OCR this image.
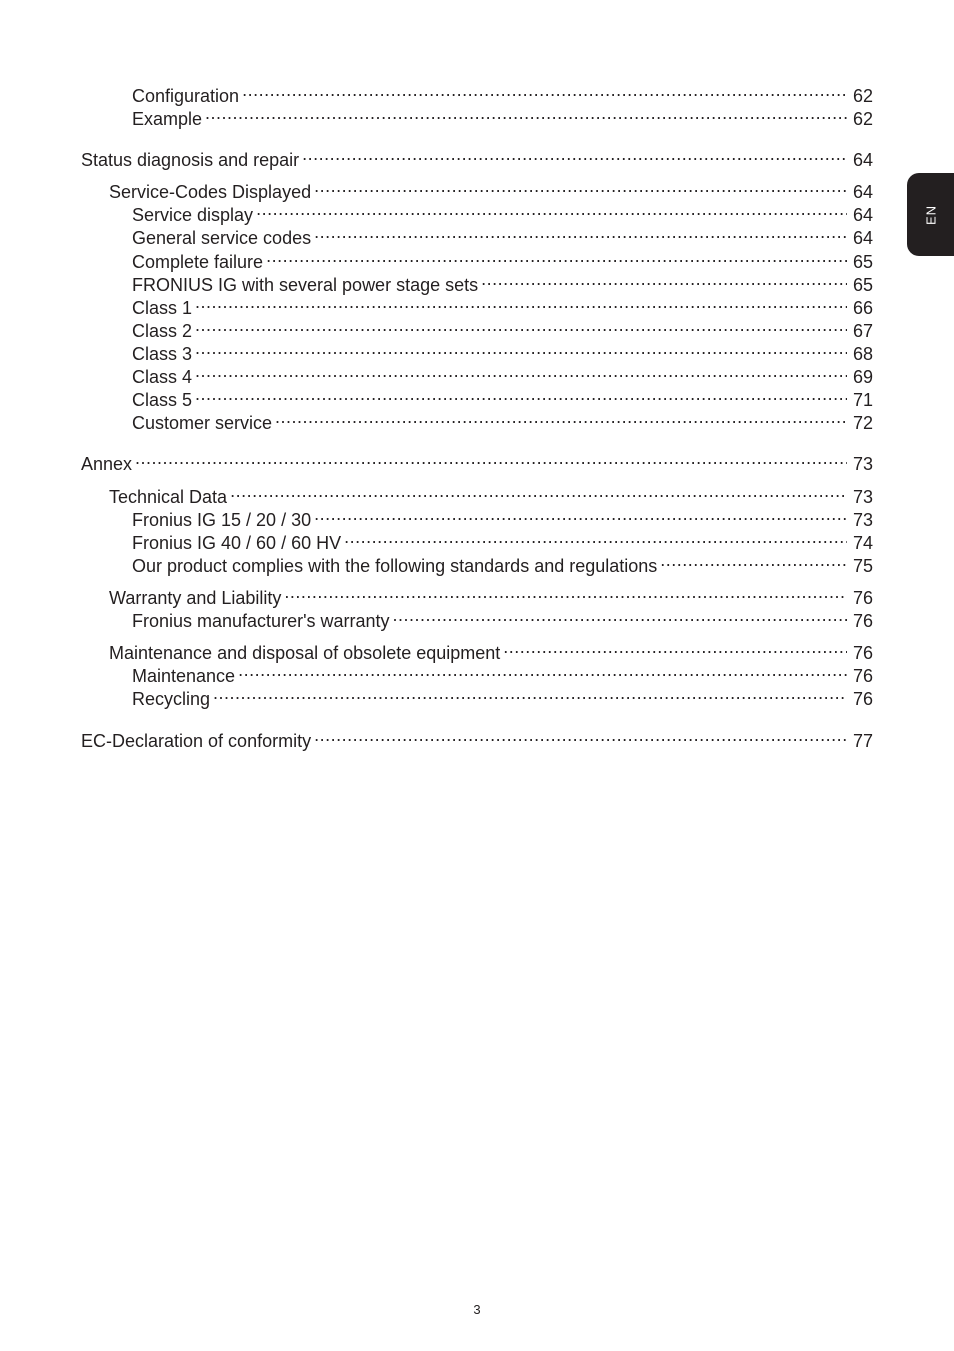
Configuration .....	62
Example .....	62
Status diagnosis and repair .....	64
Service-Codes Displayed .....	64
Service display .....	64
General service codes .....	64
Complete failure .....	65
FRONIUS IG with several power stage sets .....	65
Class 1 .....	66
Class 2 .....	67
Class 3 .....	68
Class 4 .....	69
Class 5 .....	71
Customer service .....	72
Annex .....	73
Technical Data .....	73
Fronius IG 15 / 20 / 30 .....	73
Fronius IG 40 / 60 / 60 HV .....	74
Our product complies with the following standards and regulations .....	75
Warranty and Liability .....	76
Fronius manufacturer's warranty .....	76
Maintenance and disposal of obsolete equipment .....	76
Maintenance .....	76
Recycling .....	76
EC-Declaration of conformity .....	77
EN
3
